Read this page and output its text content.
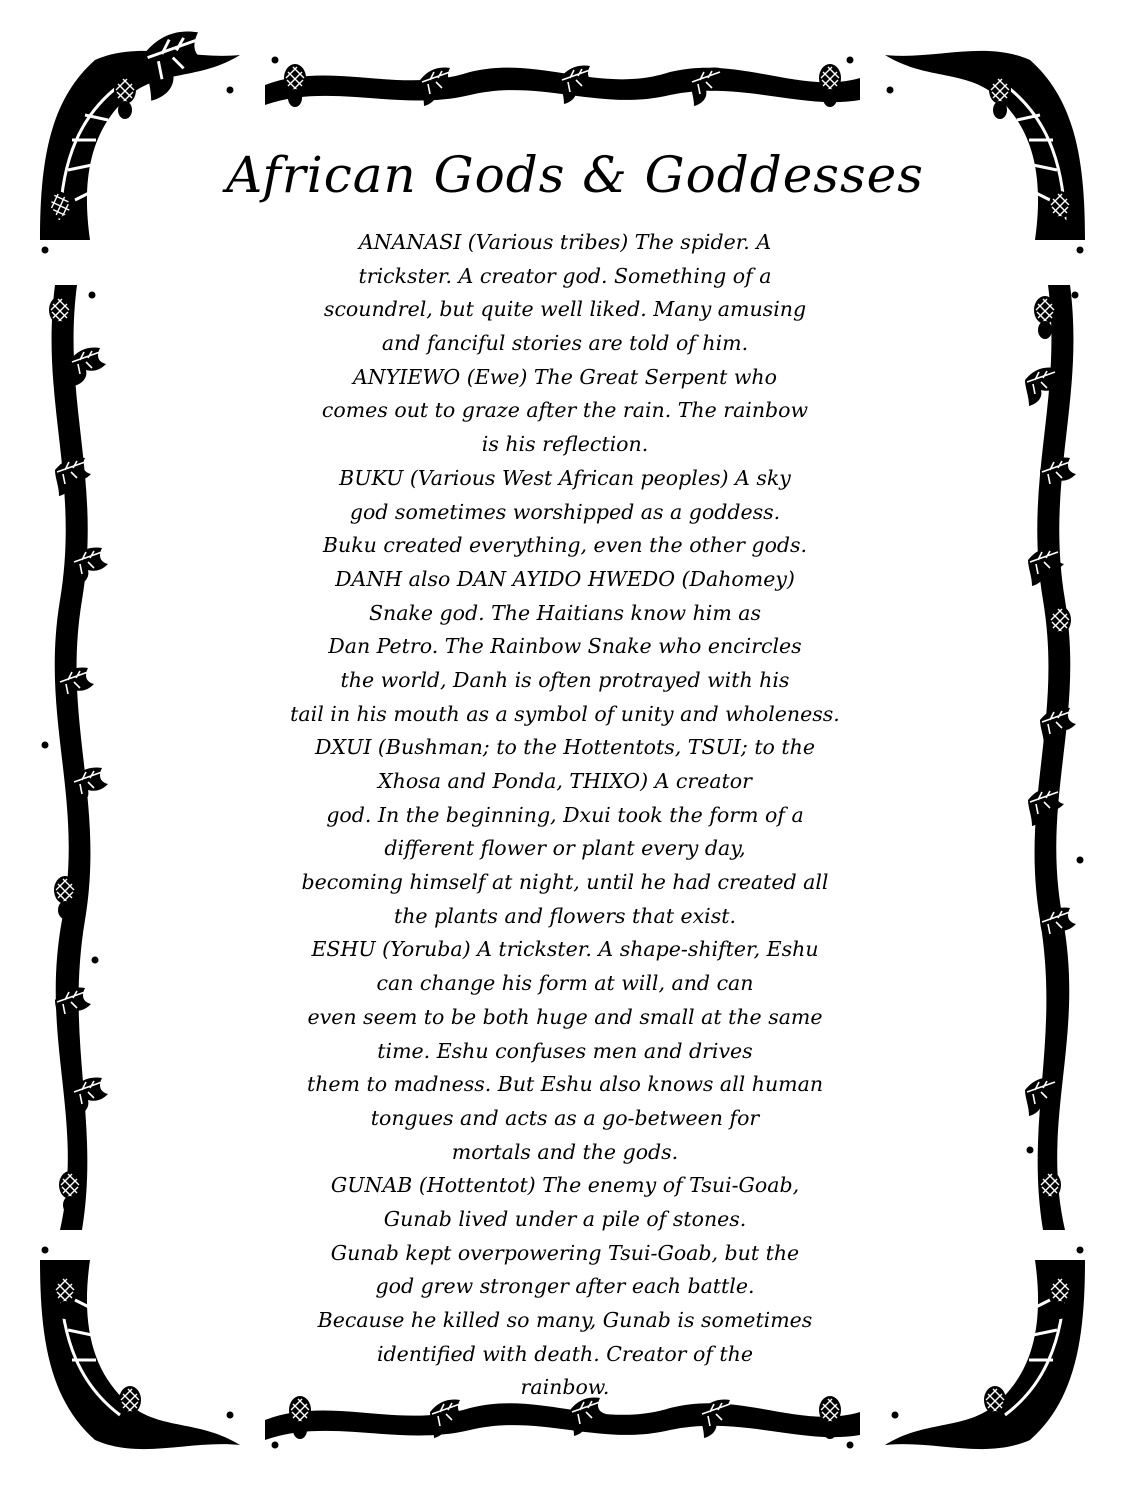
African Gods & Goddesses
ANANASI (Various tribes) The spider. A
trickster. A creator god. Something of a
scoundrel, but quite well liked. Many amusing
and fanciful stories are told of him.
ANYIEWO (Ewe) The Great Serpent who
comes out to graze after the rain. The rainbow
is his reflection.
BUKU (Various West African peoples) A sky
god sometimes worshipped as a goddess.
Buku created everything, even the other gods.
DANH also DAN AYIDO HWEDO (Dahomey)
Snake god. The Haitians know him as
Dan Petro. The Rainbow Snake who encircles
the world, Danh is often protrayed with his
tail in his mouth as a symbol of unity and wholeness.
DXUI (Bushman; to the Hottentots, TSUI; to the
Xhosa and Ponda, THIXO) A creator
god. In the beginning, Dxui took the form of a
different flower or plant every day,
becoming himself at night, until he had created all
the plants and flowers that exist.
ESHU (Yoruba) A trickster. A shape-shifter, Eshu
can change his form at will, and can
even seem to be both huge and small at the same
time. Eshu confuses men and drives
them to madness. But Eshu also knows all human
tongues and acts as a go-between for
mortals and the gods.
GUNAB (Hottentot) The enemy of Tsui-Goab,
Gunab lived under a pile of stones.
Gunab kept overpowering Tsui-Goab, but the
god grew stronger after each battle.
Because he killed so many, Gunab is sometimes
identified with death. Creator of the
rainbow.
